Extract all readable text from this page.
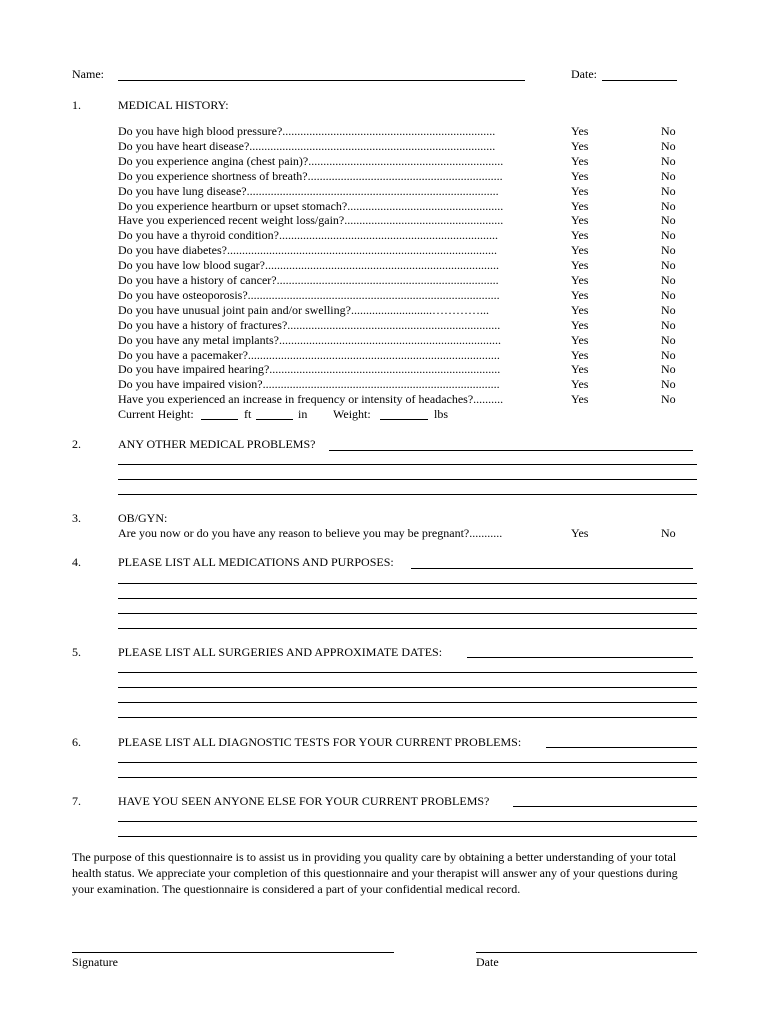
Name:	Date:
1.	MEDICAL HISTORY:
Do you have high blood pressure?.......................................................................	Yes	No
Do you have heart disease?..................................................................................	Yes	No
Do you experience angina (chest pain)?.................................................................	Yes	No
Do you experience shortness of breath?.................................................................	Yes	No
Do you have lung disease?....................................................................................	Yes	No
Do you experience heartburn or upset stomach?....................................................	Yes	No
Have you experienced recent weight loss/gain?.....................................................	Yes	No
Do you have a thyroid condition?.........................................................................	Yes	No
Do you have diabetes?..........................................................................................	Yes	No
Do you have low blood sugar?..............................................................................	Yes	No
Do you have a history of cancer?..........................................................................	Yes	No
Do you have osteoporosis?....................................................................................	Yes	No
Do you have unusual joint pain and/or swelling?...........................…………...	Yes	No
Do you have a history of fractures?.......................................................................	Yes	No
Do you have any metal implants?..........................................................................	Yes	No
Do you have a pacemaker?....................................................................................	Yes	No
Do you have impaired hearing?.............................................................................	Yes	No
Do you have impaired vision?...............................................................................	Yes	No
Have you experienced an increase in frequency or intensity of headaches?..........	Yes	No
Current Height:	ft	in Weight:	lbs
2.	ANY OTHER MEDICAL PROBLEMS?
3.	OB/GYN:
Are you now or do you have any reason to believe you may be pregnant?...........	Yes	No
4.	PLEASE LIST ALL MEDICATIONS AND PURPOSES:
5.	PLEASE LIST ALL SURGERIES AND APPROXIMATE DATES:
6.	PLEASE LIST ALL DIAGNOSTIC TESTS FOR YOUR CURRENT PROBLEMS:
7.	HAVE YOU SEEN ANYONE ELSE FOR YOUR CURRENT PROBLEMS?

The purpose of this questionnaire is to assist us in providing you quality care by obtaining a better understanding of your total health status. We appreciate your completion of this questionnaire and your therapist will answer any of your questions during your examination. The questionnaire is considered a part of your confidential medical record.

Signature	Date
